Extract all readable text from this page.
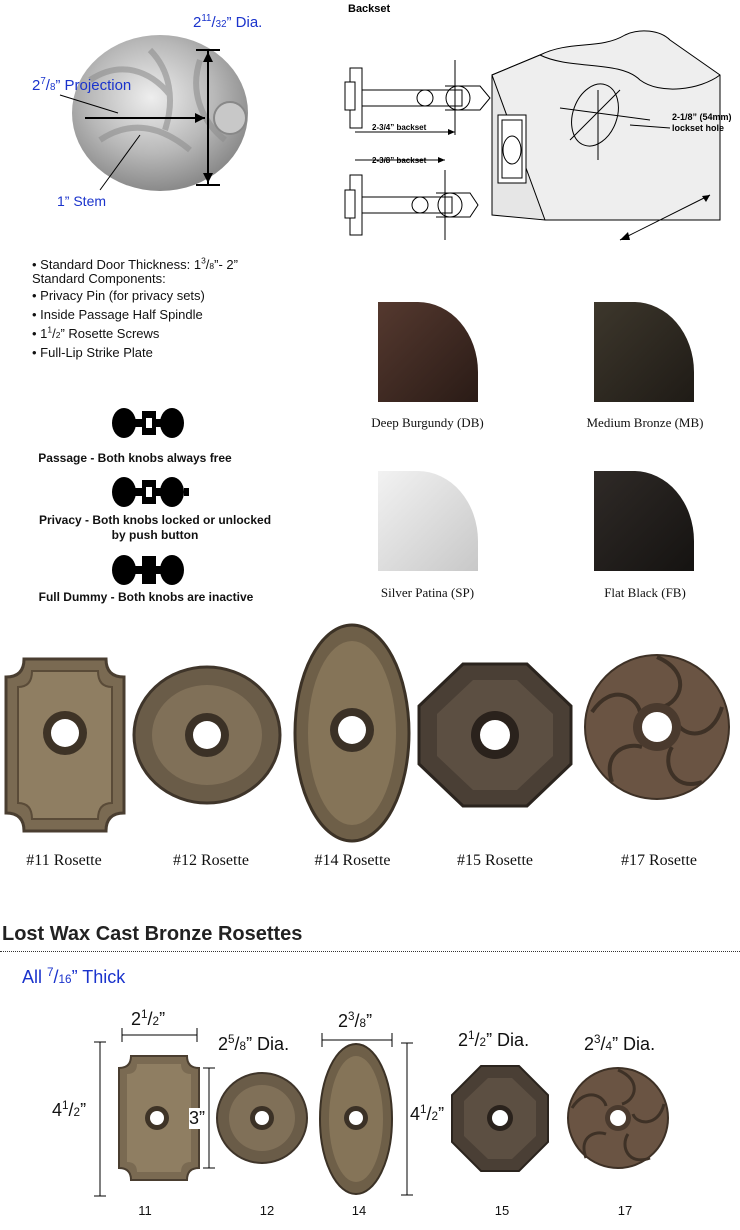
$2^{11}/32$” Dia.
$2^7/8$” Projection
1” Stem
Backset
2-3/4” backset
2-3/8” backset
2-1/8” (54mm)
lockset hole
• Standard Door Thickness: $1^3/8”-$ 2”
Standard Components:
• Privacy Pin (for privacy sets)
• Inside Passage Half Spindle
• $1^1/2$” Rosette Screws
• Full-Lip Strike Plate
Passage - Both knobs always free
Privacy - Both knobs locked or unlocked
by push button
Full Dummy - Both knobs are inactive
Deep Burgundy (DB)	Medium Bronze (MB)
Silver Patina (SP)	Flat Black (FB)
#11 Rosette	#12 Rosette	#14 Rosette	#15 Rosette	#17 Rosette
Lost Wax Cast Bronze Rosettes
All $^7$/16” Thick
$2^1/2$”
$4^1/2$”	3”
$2^5/8$” Dia.
$2^3/8$”
$4^1/2$”
$2^1/2$” Dia.	$2^3/4$” Dia.
11	12	14	15	17
